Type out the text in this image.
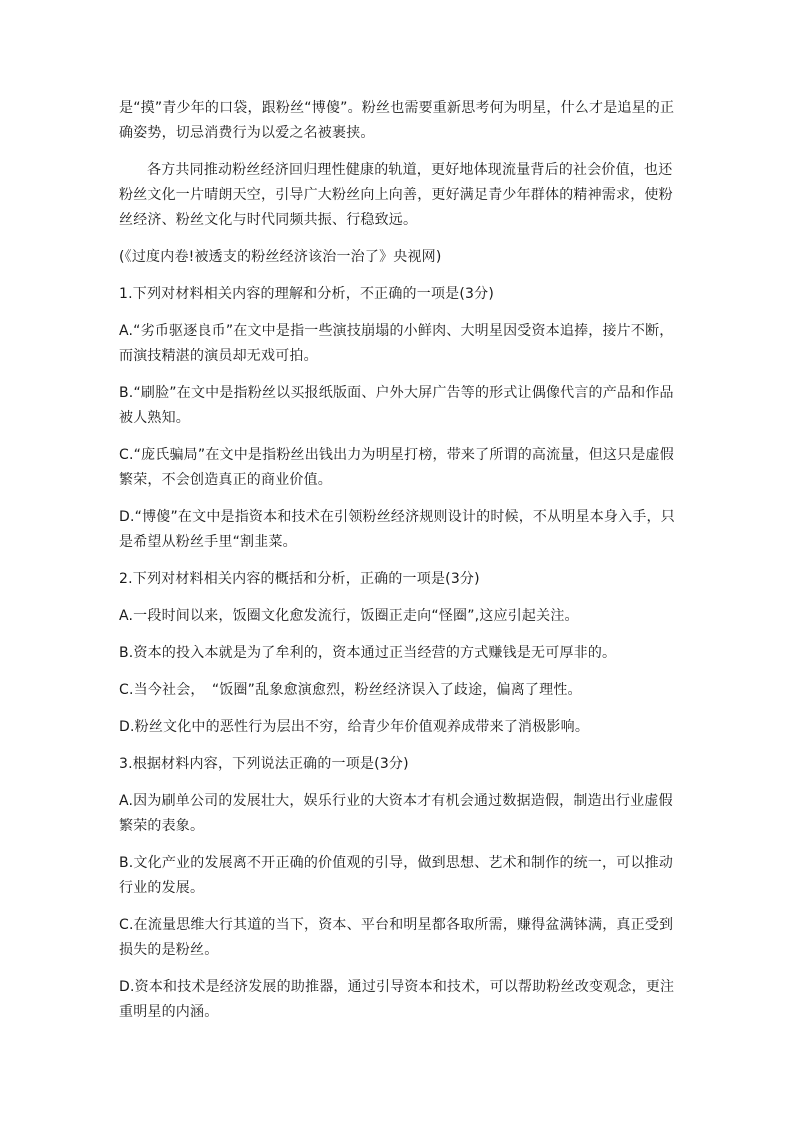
是“摸”青少年的口袋，跟粉丝“博傻”。粉丝也需要重新思考何为明星，什么才是追星的正确姿势，切忌消费行为以爱之名被裹挟。

各方共同推动粉丝经济回归理性健康的轨道，更好地体现流量背后的社会价值，也还粉丝文化一片晴朗天空，引导广大粉丝向上向善，更好满足青少年群体的精神需求，使粉丝经济、粉丝文化与时代同频共振、行稳致远。

(《过度内卷!被透支的粉丝经济该治一治了》央视网)

1.下列对材料相关内容的理解和分析，不正确的一项是(3分)

A.“劣币驱逐良币”在文中是指一些演技崩塌的小鲜肉、大明星因受资本追捧，接片不断，而演技精湛的演员却无戏可拍。

B.“刷脸”在文中是指粉丝以买报纸版面、户外大屏广告等的形式让偶像代言的产品和作品被人熟知。

C.“庞氏骗局”在文中是指粉丝出钱出力为明星打榜，带来了所谓的高流量，但这只是虚假繁荣，不会创造真正的商业价值。

D.“博傻”在文中是指资本和技术在引领粉丝经济规则设计的时候，不从明星本身入手，只是希望从粉丝手里“割韭菜。

2.下列对材料相关内容的概括和分析，正确的一项是(3分)

A.一段时间以来，饭圈文化愈发流行，饭圈正走向“怪圈”,这应引起关注。

B.资本的投入本就是为了牟利的，资本通过正当经营的方式赚钱是无可厚非的。

C.当今社会，　“饭圈”乱象愈演愈烈，粉丝经济误入了歧途，偏离了理性。

D.粉丝文化中的恶性行为层出不穷，给青少年价值观养成带来了消极影响。

3.根据材料内容，下列说法正确的一项是(3分)

A.因为刷单公司的发展壮大，娱乐行业的大资本才有机会通过数据造假，制造出行业虚假繁荣的表象。

B.文化产业的发展离不开正确的价值观的引导，做到思想、艺术和制作的统一，可以推动行业的发展。

C.在流量思维大行其道的当下，资本、平台和明星都各取所需，赚得盆满钵满，真正受到损失的是粉丝。

D.资本和技术是经济发展的助推器，通过引导资本和技术，可以帮助粉丝改变观念，更注重明星的内涵。
